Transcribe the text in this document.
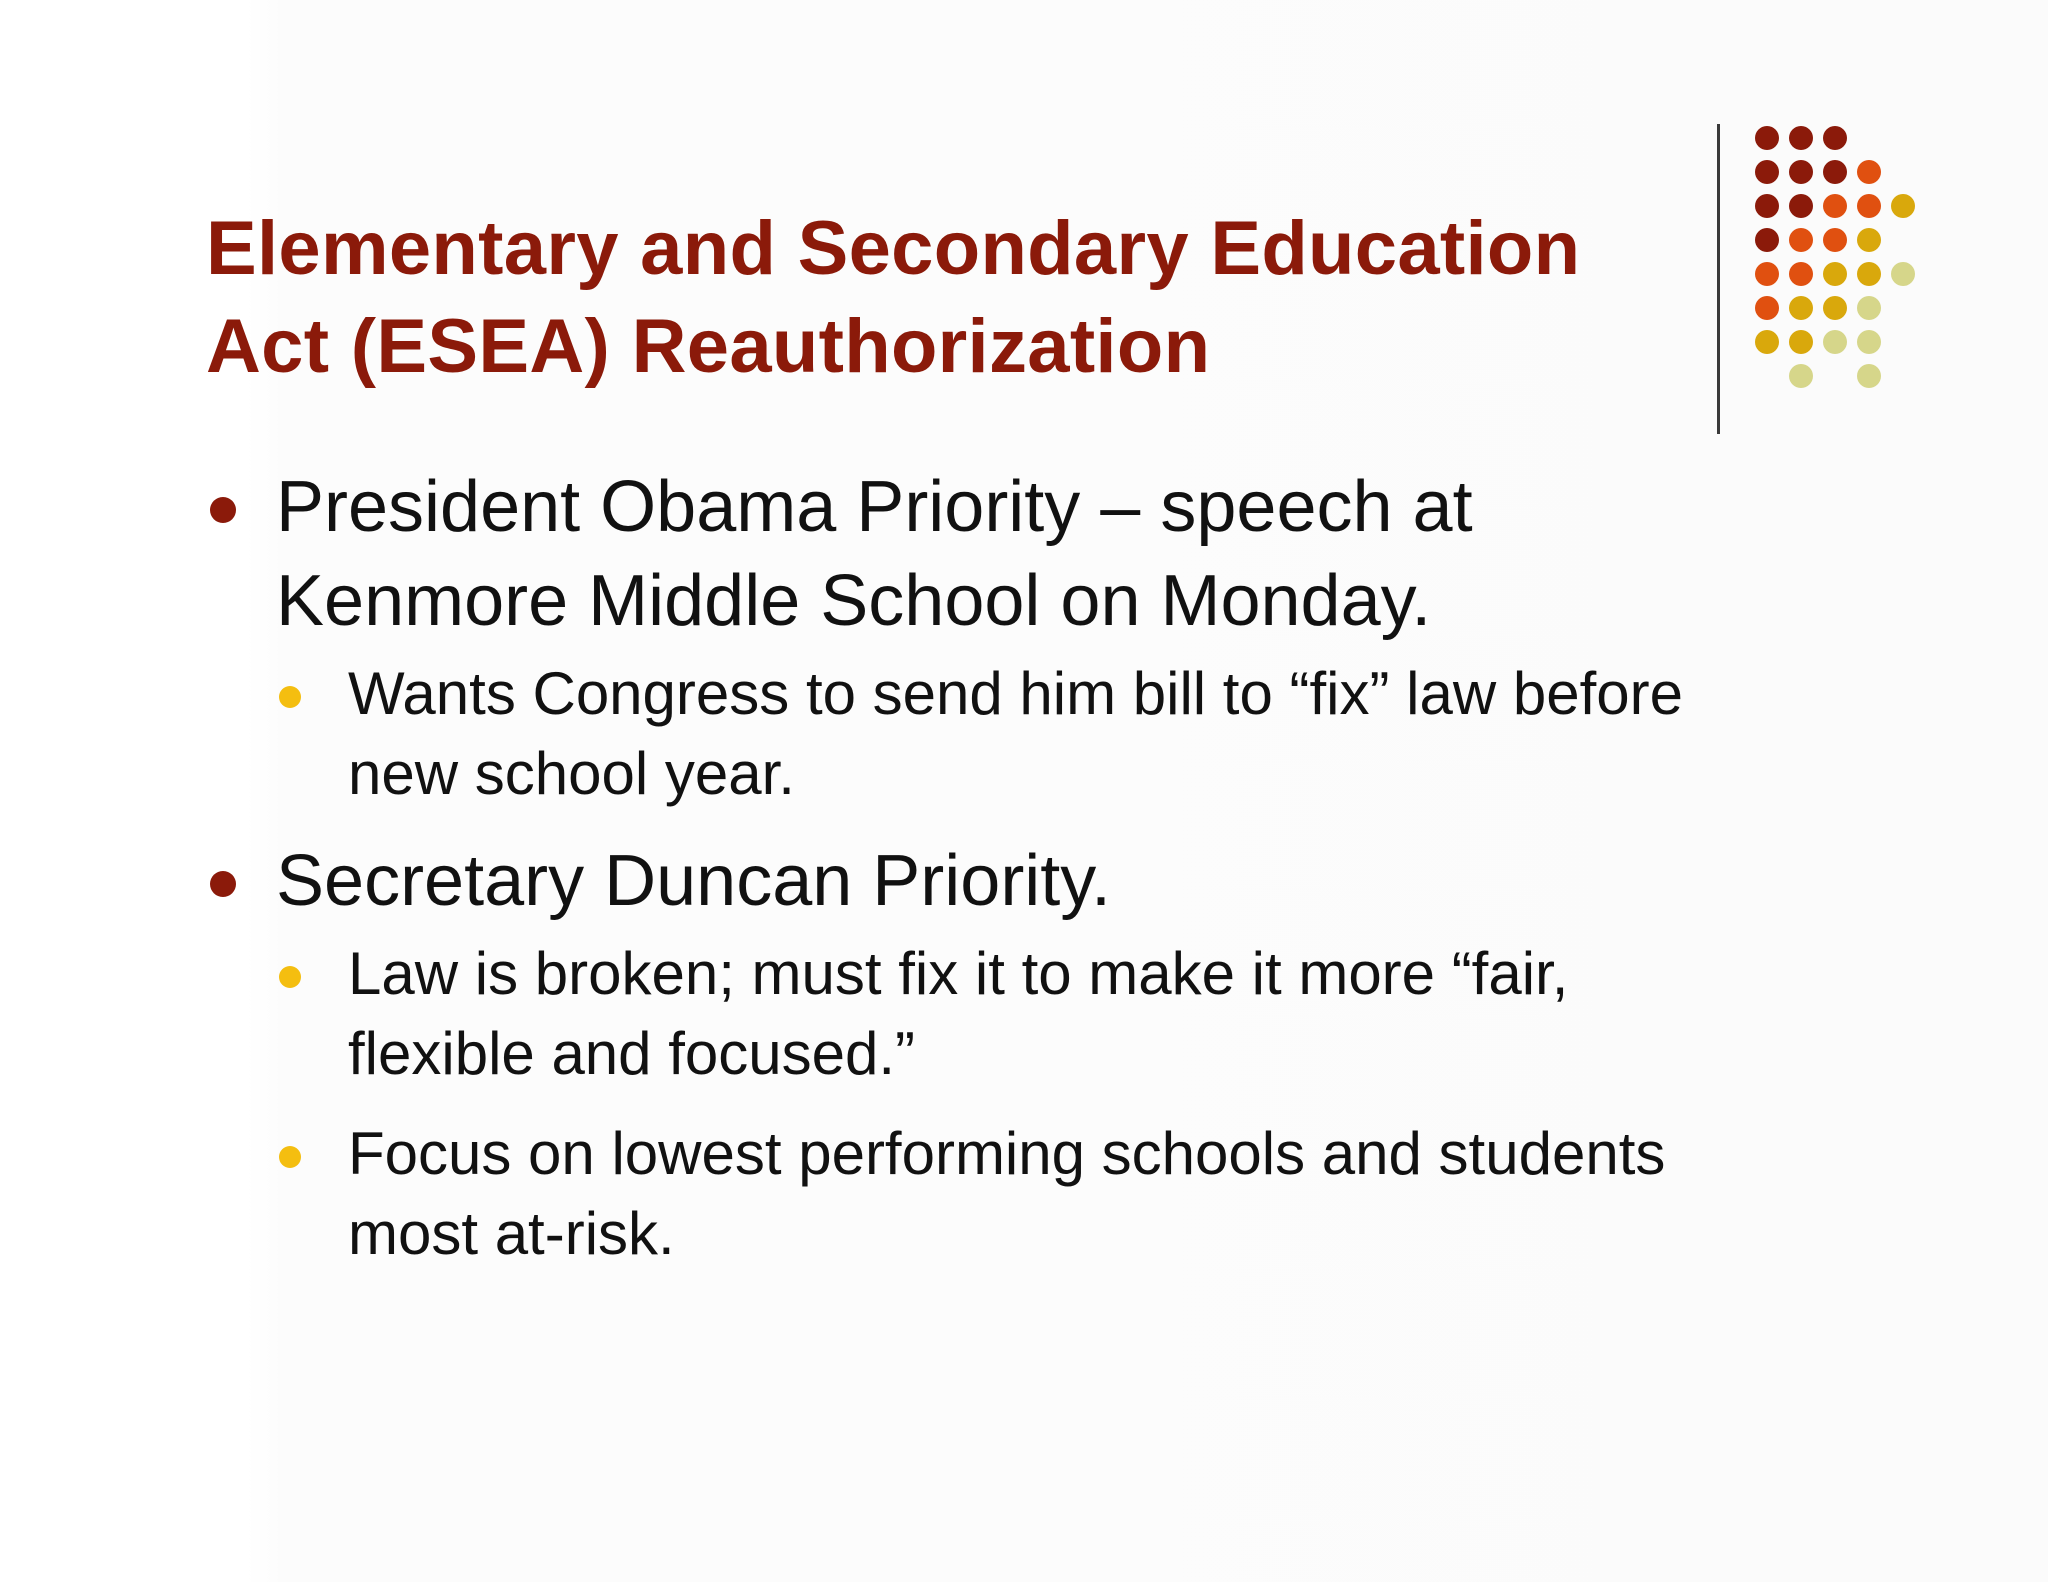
Elementary and Secondary Education
Act (ESEA) Reauthorization
President Obama Priority – speech at
Kenmore Middle School on Monday.
Wants Congress to send him bill to “fix” law before
new school year.
Secretary Duncan Priority.
Law is broken; must fix it to make it more “fair,
flexible and focused.”
Focus on lowest performing schools and students
most at-risk.
